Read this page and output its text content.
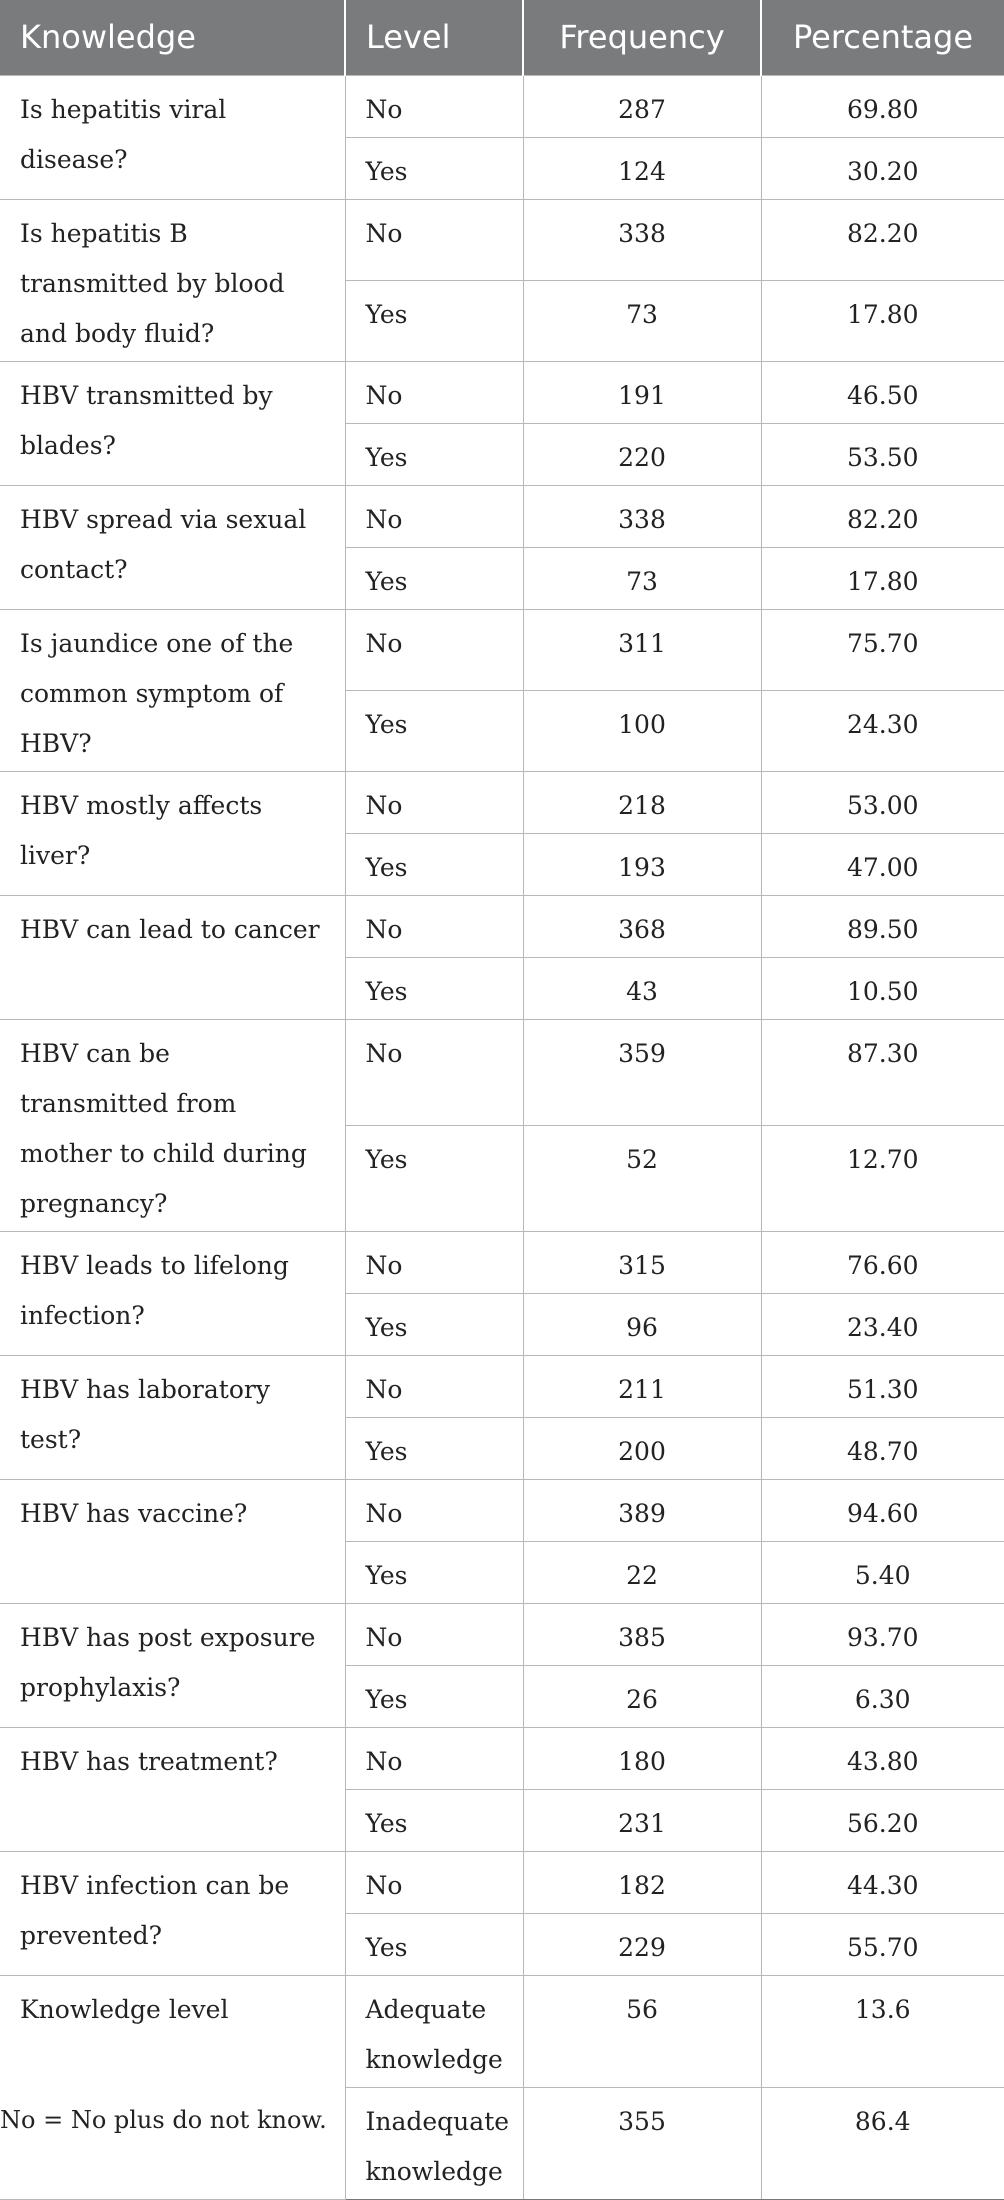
Knowledge	Level	Frequency	Percentage
Is hepatitis viral disease?	No	287	69.80
	Yes	124	30.20
Is hepatitis B transmitted by blood and body fluid?	No	338	82.20
	Yes	73	17.80
HBV transmitted by blades?	No	191	46.50
	Yes	220	53.50
HBV spread via sexual contact?	No	338	82.20
	Yes	73	17.80
Is jaundice one of the common symptom of HBV?	No	311	75.70
	Yes	100	24.30
HBV mostly affects liver?	No	218	53.00
	Yes	193	47.00
HBV can lead to cancer	No	368	89.50
	Yes	43	10.50
HBV can be transmitted from mother to child during pregnancy?	No	359	87.30
	Yes	52	12.70
HBV leads to lifelong infection?	No	315	76.60
	Yes	96	23.40
HBV has laboratory test?	No	211	51.30
	Yes	200	48.70
HBV has vaccine?	No	389	94.60
	Yes	22	5.40
HBV has post exposure prophylaxis?	No	385	93.70
	Yes	26	6.30
HBV has treatment?	No	180	43.80
	Yes	231	56.20
HBV infection can be prevented?	No	182	44.30
	Yes	229	55.70
Knowledge level	Adequate knowledge	56	13.6
	Inadequate knowledge	355	86.4
No = No plus do not know.
